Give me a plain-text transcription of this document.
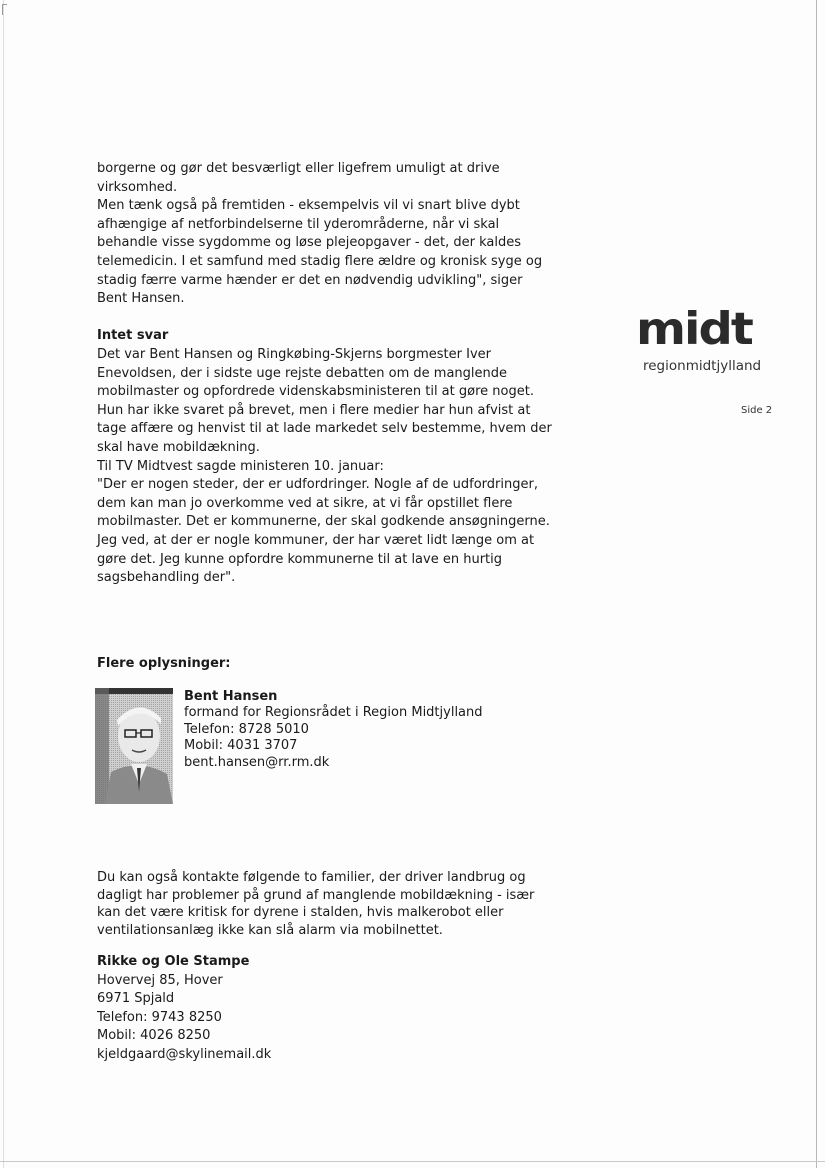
borgerne og gør det besværligt eller ligefrem umuligt at drive
virksomhed.
Men tænk også på fremtiden - eksempelvis vil vi snart blive dybt
afhængige af netforbindelserne til yderområderne, når vi skal
behandle visse sygdomme og løse plejeopgaver - det, der kaldes
telemedicin. I et samfund med stadig flere ældre og kronisk syge og
stadig færre varme hænder er det en nødvendig udvikling", siger
Bent Hansen.

Intet svar

Det var Bent Hansen og Ringkøbing-Skjerns borgmester Iver
Enevoldsen, der i sidste uge rejste debatten om de manglende
mobilmaster og opfordrede videnskabsministeren til at gøre noget.
Hun har ikke svaret på brevet, men i flere medier har hun afvist at
tage affære og henvist til at lade markedet selv bestemme, hvem der
skal have mobildækning.
Til TV Midtvest sagde ministeren 10. januar:
"Der er nogen steder, der er udfordringer. Nogle af de udfordringer,
dem kan man jo overkomme ved at sikre, at vi får opstillet flere
mobilmaster. Det er kommunerne, der skal godkende ansøgningerne.
Jeg ved, at der er nogle kommuner, der har været lidt længe om at
gøre det. Jeg kunne opfordre kommunerne til at lave en hurtig
sagsbehandling der".

midt
regionmidtjylland
Side 2
Flere oplysninger:
Bent Hansen
formand for Regionsrådet i Region Midtjylland
Telefon: 8728 5010
Mobil: 4031 3707
bent.hansen@rr.rm.dk

Du kan også kontakte følgende to familier, der driver landbrug og
dagligt har problemer på grund af manglende mobildækning - især
kan det være kritisk for dyrene i stalden, hvis malkerobot eller
ventilationsanlæg ikke kan slå alarm via mobilnettet.

Rikke og Ole Stampe

Hovervej 85, Hover
6971 Spjald
Telefon: 9743 8250
Mobil: 4026 8250
kjeldgaard@skylinemail.dk
